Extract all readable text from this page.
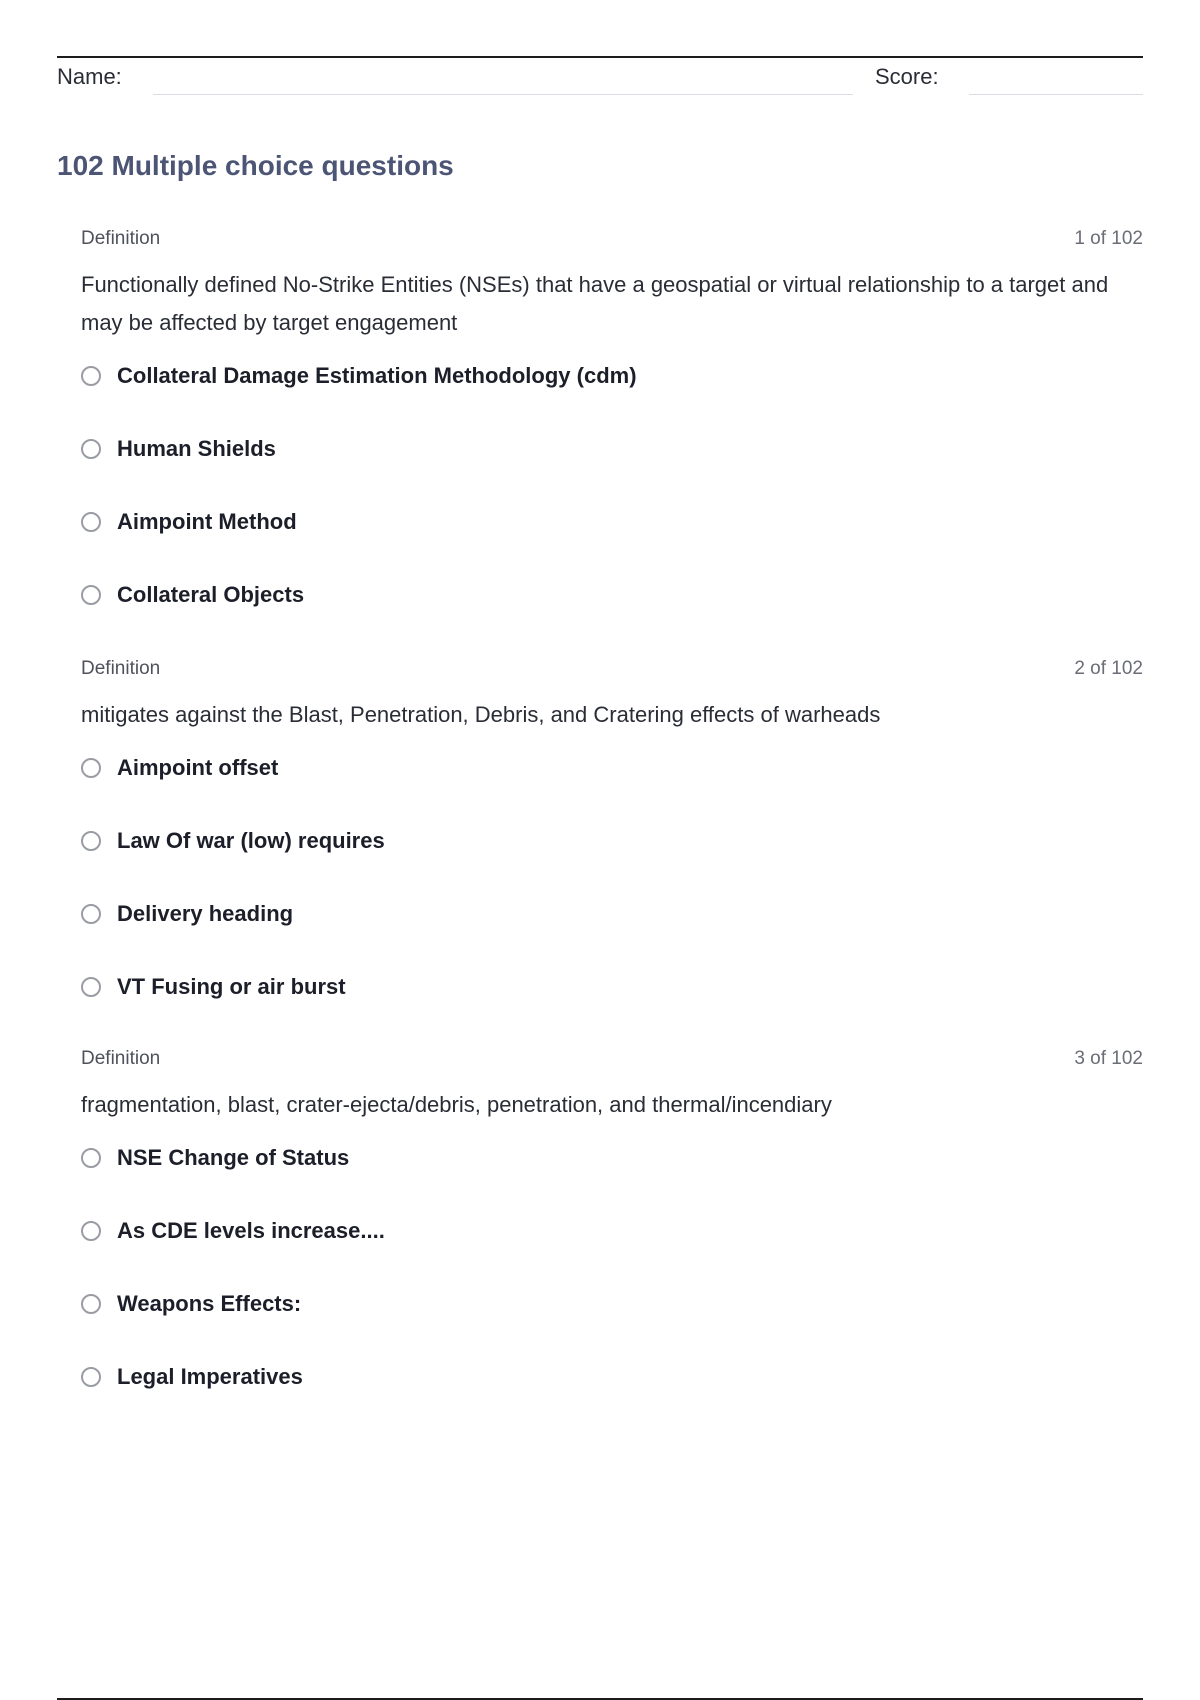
Name:	Score:
102 Multiple choice questions
Definition	1 of 102
Functionally defined No-Strike Entities (NSEs) that have a geospatial or virtual relationship to a target and may be affected by target engagement
Collateral Damage Estimation Methodology (cdm)
Human Shields
Aimpoint Method
Collateral Objects
Definition	2 of 102
mitigates against the Blast, Penetration, Debris, and Cratering effects of warheads
Aimpoint offset
Law Of war (low) requires
Delivery heading
VT Fusing or air burst
Definition	3 of 102
fragmentation, blast, crater-ejecta/debris, penetration, and thermal/incendiary
NSE Change of Status
As CDE levels increase....
Weapons Effects:
Legal Imperatives
